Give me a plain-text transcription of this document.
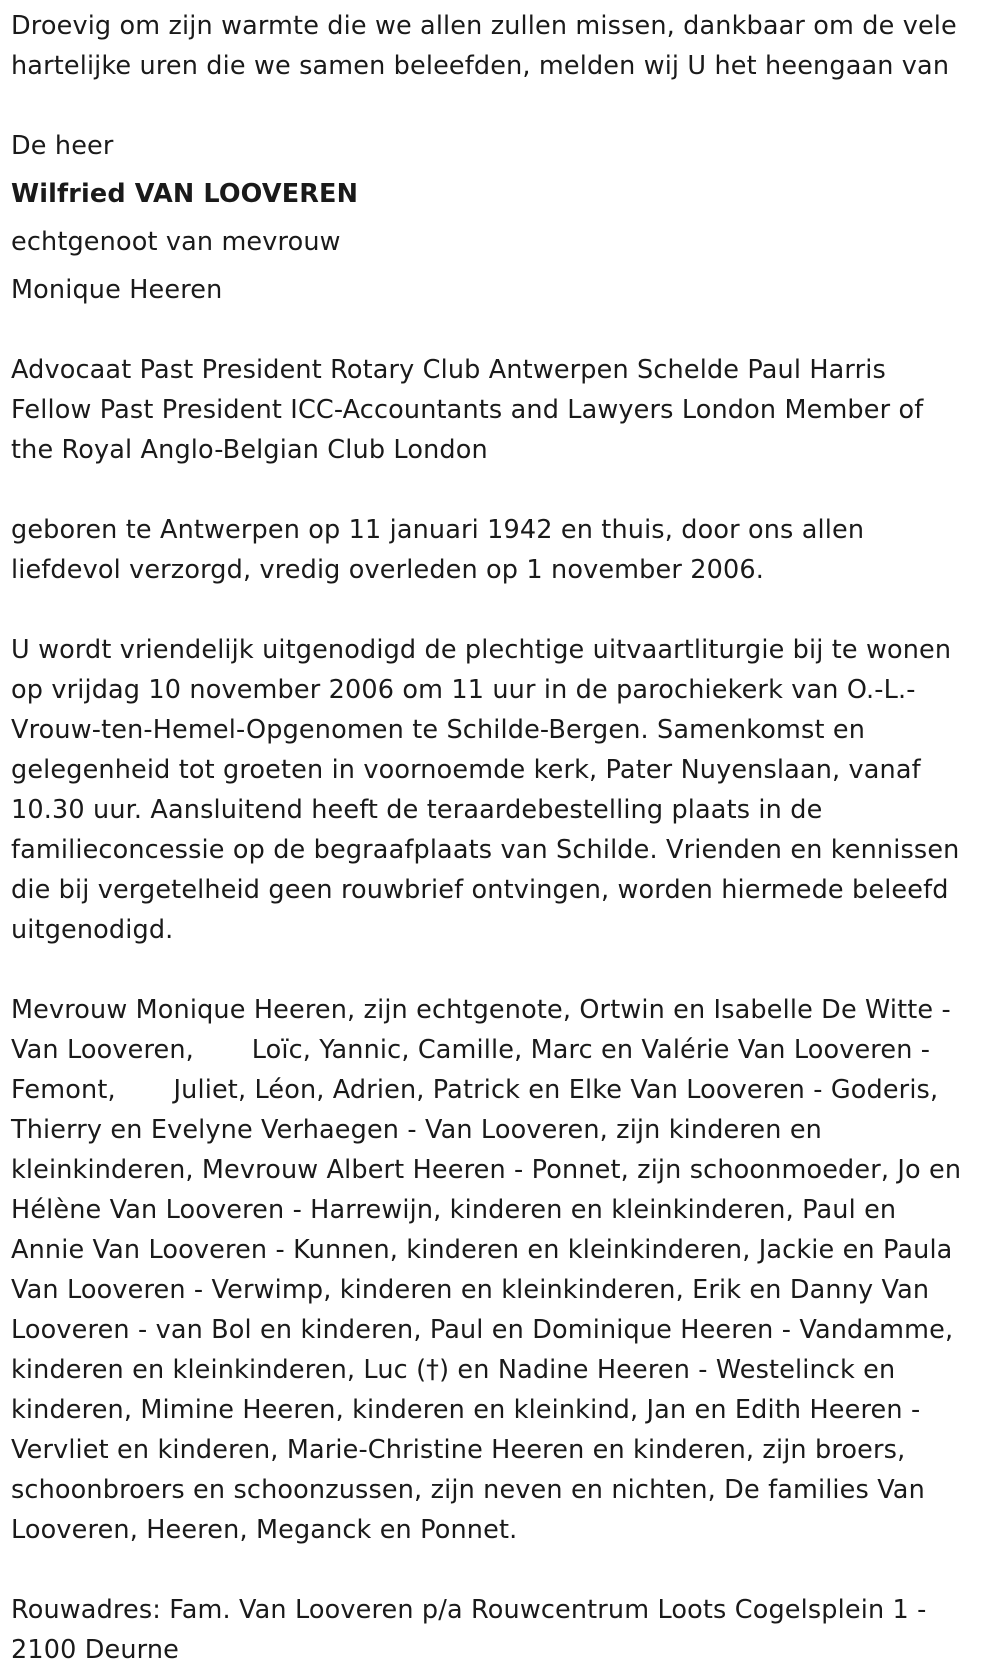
Droevig om zijn warmte die we allen zullen missen, dankbaar om de vele
hartelijke uren die we samen beleefden, melden wij U het heengaan van

De heer

Wilfried VAN LOOVEREN

echtgenoot van mevrouw

Monique Heeren

Advocaat Past President Rotary Club Antwerpen Schelde Paul Harris
Fellow Past President ICC-Accountants and Lawyers London Member of
the Royal Anglo-Belgian Club London

geboren te Antwerpen op 11 januari 1942 en thuis, door ons allen
liefdevol verzorgd, vredig overleden op 1 november 2006.

U wordt vriendelijk uitgenodigd de plechtige uitvaartliturgie bij te wonen
op vrijdag 10 november 2006 om 11 uur in de parochiekerk van O.-L.-
Vrouw-ten-Hemel-Opgenomen te Schilde-Bergen. Samenkomst en
gelegenheid tot groeten in voornoemde kerk, Pater Nuyenslaan, vanaf
10.30 uur. Aansluitend heeft de teraardebestelling plaats in de
familieconcessie op de begraafplaats van Schilde. Vrienden en kennissen
die bij vergetelheid geen rouwbrief ontvingen, worden hiermede beleefd
uitgenodigd.

Mevrouw Monique Heeren, zijn echtgenote, Ortwin en Isabelle De Witte -
Van Looveren,       Loïc, Yannic, Camille, Marc en Valérie Van Looveren -
Femont,       Juliet, Léon, Adrien, Patrick en Elke Van Looveren - Goderis,
Thierry en Evelyne Verhaegen - Van Looveren, zijn kinderen en
kleinkinderen, Mevrouw Albert Heeren - Ponnet, zijn schoonmoeder, Jo en
Hélène Van Looveren - Harrewijn, kinderen en kleinkinderen, Paul en
Annie Van Looveren - Kunnen, kinderen en kleinkinderen, Jackie en Paula
Van Looveren - Verwimp, kinderen en kleinkinderen, Erik en Danny Van
Looveren - van Bol en kinderen, Paul en Dominique Heeren - Vandamme,
kinderen en kleinkinderen, Luc (†) en Nadine Heeren - Westelinck en
kinderen, Mimine Heeren, kinderen en kleinkind, Jan en Edith Heeren -
Vervliet en kinderen, Marie-Christine Heeren en kinderen, zijn broers,
schoonbroers en schoonzussen, zijn neven en nichten, De families Van
Looveren, Heeren, Meganck en Ponnet.

Rouwadres: Fam. Van Looveren p/a Rouwcentrum Loots Cogelsplein 1 -
2100 Deurne
